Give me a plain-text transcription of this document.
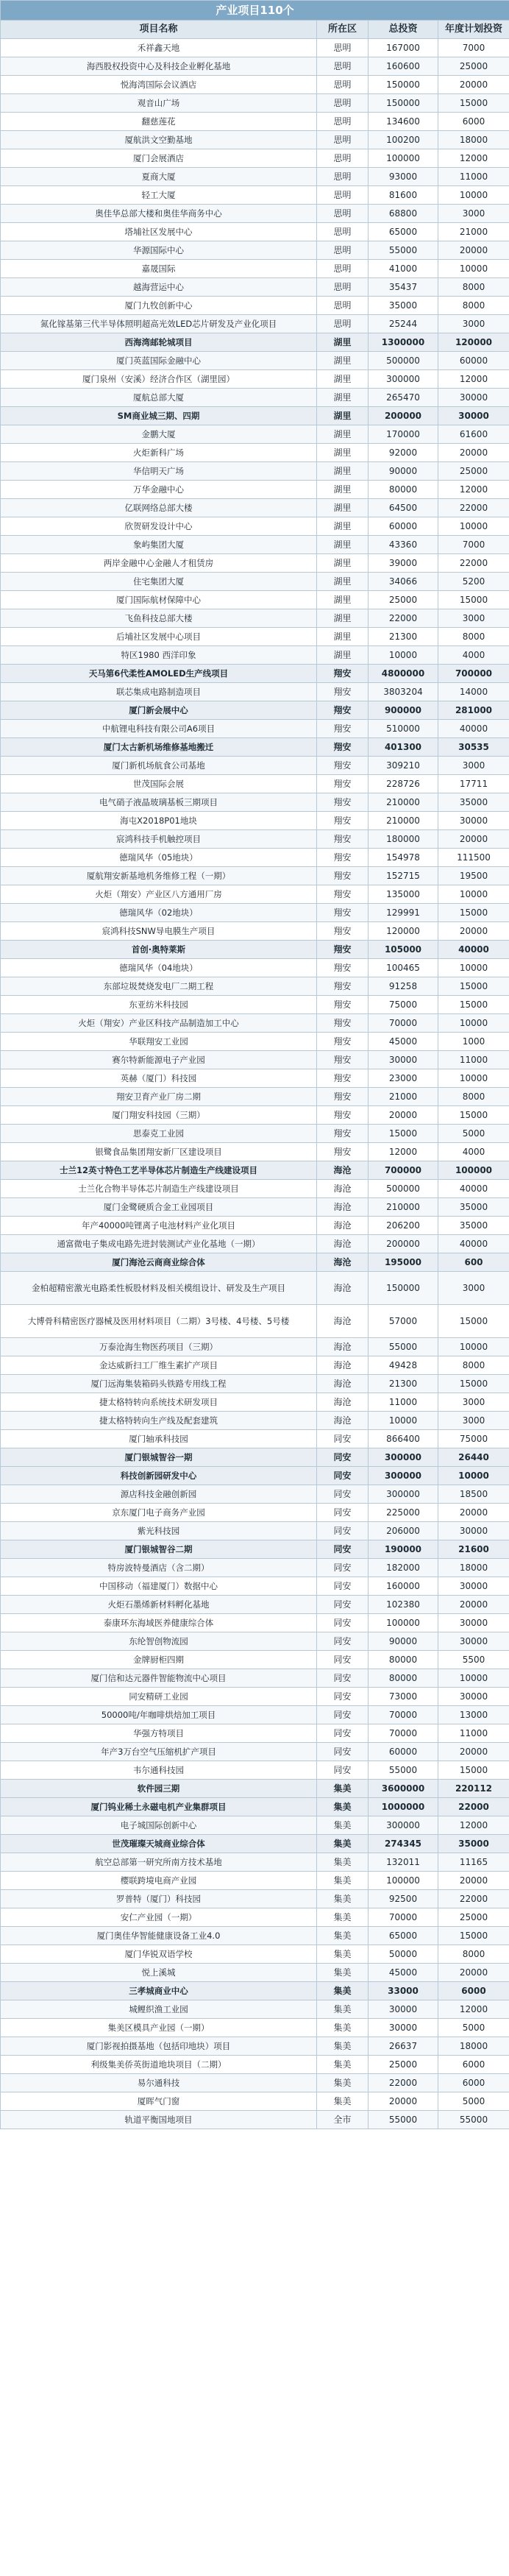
产业项目110个			
项目名称	所在区	总投资	年度计划投资
禾祥鑫天地	思明	167000	7000
海西股权投资中心及科技企业孵化基地	思明	160600	25000
悦海湾国际会议酒店	思明	150000	20000
观音山广场	思明	150000	15000
翻慈莲花	思明	134600	6000
厦航洪文空勤基地	思明	100200	18000
厦门会展酒店	思明	100000	12000
夏商大厦	思明	93000	11000
轻工大厦	思明	81600	10000
奥佳华总部大楼和奥佳华商务中心	思明	68800	3000
塔埔社区发展中心	思明	65000	21000
华源国际中心	思明	55000	20000
嘉晟国际	思明	41000	10000
越海营运中心	思明	35437	8000
厦门九牧创新中心	思明	35000	8000
氮化镓基第三代半导体照明超高光效LED芯片研发及产业化项目	思明	25244	3000
西海湾邮轮城项目	湖里	1300000	120000
厦门英蓝国际金融中心	湖里	500000	60000
厦门泉州（安溪）经济合作区（湖里园）	湖里	300000	12000
厦航总部大厦	湖里	265470	30000
SM商业城三期、四期	湖里	200000	30000
金鹏大厦	湖里	170000	61600
火炬新科广场	湖里	92000	20000
华信明天广场	湖里	90000	25000
万华金融中心	湖里	80000	12000
亿联网络总部大楼	湖里	64500	22000
欣贺研发设计中心	湖里	60000	10000
象屿集团大厦	湖里	43360	7000
两岸金融中心金融人才租赁房	湖里	39000	22000
住宅集团大厦	湖里	34066	5200
厦门国际航材保障中心	湖里	25000	15000
飞鱼科技总部大楼	湖里	22000	3000
后埔社区发展中心项目	湖里	21300	8000
特区1980 西洋印象	湖里	10000	4000
天马第6代柔性AMOLED生产线项目	翔安	4800000	700000
联芯集成电路制造项目	翔安	3803204	14000
厦门新会展中心	翔安	900000	281000
中航锂电科技有限公司A6项目	翔安	510000	40000
厦门太古新机场维修基地搬迁	翔安	401300	30535
厦门新机场航食公司基地	翔安	309210	3000
世茂国际会展	翔安	228726	17711
电气硝子液晶玻璃基板三期项目	翔安	210000	35000
海屯X2018P01地块	翔安	210000	30000
宸鸿科技手机触控项目	翔安	180000	20000
德瑞风华（05地块）	翔安	154978	111500
厦航翔安新基地机务维修工程（一期）	翔安	152715	19500
火炬（翔安）产业区八方通用厂房	翔安	135000	10000
德瑞风华（02地块）	翔安	129991	15000
宸鸿科技SNW导电膜生产项目	翔安	120000	20000
首创·奥特莱斯	翔安	105000	40000
德瑞风华（04地块）	翔安	100465	10000
东部垃圾焚烧发电厂二期工程	翔安	91258	15000
东亚纺米科技园	翔安	75000	15000
火炬（翔安）产业区科技产品制造加工中心	翔安	70000	10000
华联翔安工业园	翔安	45000	1000
赛尔特新能源电子产业园	翔安	30000	11000
英赫（厦门）科技园	翔安	23000	10000
翔安卫育产业厂房二期	翔安	21000	8000
厦门翔安科技园（三期）	翔安	20000	15000
思泰克工业园	翔安	15000	5000
银鹭食品集团翔安新厂区建设项目	翔安	12000	4000
士兰12英寸特色工艺半导体芯片制造生产线建设项目	海沧	700000	100000
士兰化合物半导体芯片制造生产线建设项目	海沧	500000	40000
厦门金鹭硬质合金工业园项目	海沧	210000	35000
年产40000吨锂离子电池材料产业化项目	海沧	206200	35000
通富微电子集成电路先进封装测试产业化基地（一期）	海沧	200000	40000
厦门海沧云商商业综合体	海沧	195000	600
金柏超精密激光电路柔性板股材料及相关模组设计、研发及生产项目	海沧	150000	3000
大博骨科精密医疗器械及医用材料项目（二期）3号楼、4号楼、5号楼	海沧	57000	15000
万泰沧海生物医药项目（三期）	海沧	55000	10000
金达威新扫工厂维生素扩产项目	海沧	49428	8000
厦门远海集装箱码头铁路专用线工程	海沧	21300	15000
捷太格特转向系统技术研发项目	海沧	11000	3000
捷太格特转向生产线及配套建筑	海沧	10000	3000
厦门轴承科技园	同安	866400	75000
厦门银城智谷一期	同安	300000	26440
科技创新园研发中心	同安	300000	10000
源店科技金融创新园	同安	300000	18500
京东厦门电子商务产业园	同安	225000	20000
紫光科技园	同安	206000	30000
厦门银城智谷二期	同安	190000	21600
特房波特曼酒店（含二期）	同安	182000	18000
中国移动（福建厦门）数据中心	同安	160000	30000
火炬石墨烯新材料孵化基地	同安	102380	20000
泰康环东海域医养健康综合体	同安	100000	30000
东纶智创物流园	同安	90000	30000
金牌厨柜四期	同安	80000	5500
厦门信和达元器件智能物流中心项目	同安	80000	10000
同安精研工业园	同安	73000	30000
50000吨/年咖啡烘焙加工项目	同安	70000	13000
华强方特项目	同安	70000	11000
年产3万台空气压缩机扩产项目	同安	60000	20000
韦尔通科技园	同安	55000	15000
软件园三期	集美	3600000	220112
厦门钨业稀土永磁电机产业集群项目	集美	1000000	22000
电子城国际创新中心	集美	300000	12000
世茂璀璨天城商业综合体	集美	274345	35000
航空总部第一研究所南方技术基地	集美	132011	11165
樱联跨境电商产业园	集美	100000	20000
罗普特（厦门）科技园	集美	92500	22000
安仁产业园（一期）	集美	70000	25000
厦门奥佳华智能健康设备工业4.0	集美	65000	15000
厦门华锐双语学校	集美	50000	8000
悦上溪城	集美	45000	20000
三孝城商业中心	集美	33000	6000
城鲤织渔工业园	集美	30000	12000
集美区模具产业园（一期）	集美	30000	5000
厦门影视拍摄基地（包括印地块）项目	集美	26637	18000
利级集美侨英街道地块项目（二期）	集美	25000	6000
易尔通科技	集美	22000	6000
厦晖气门窗	集美	20000	5000
轨道平衡国地项目	全市	55000	55000
